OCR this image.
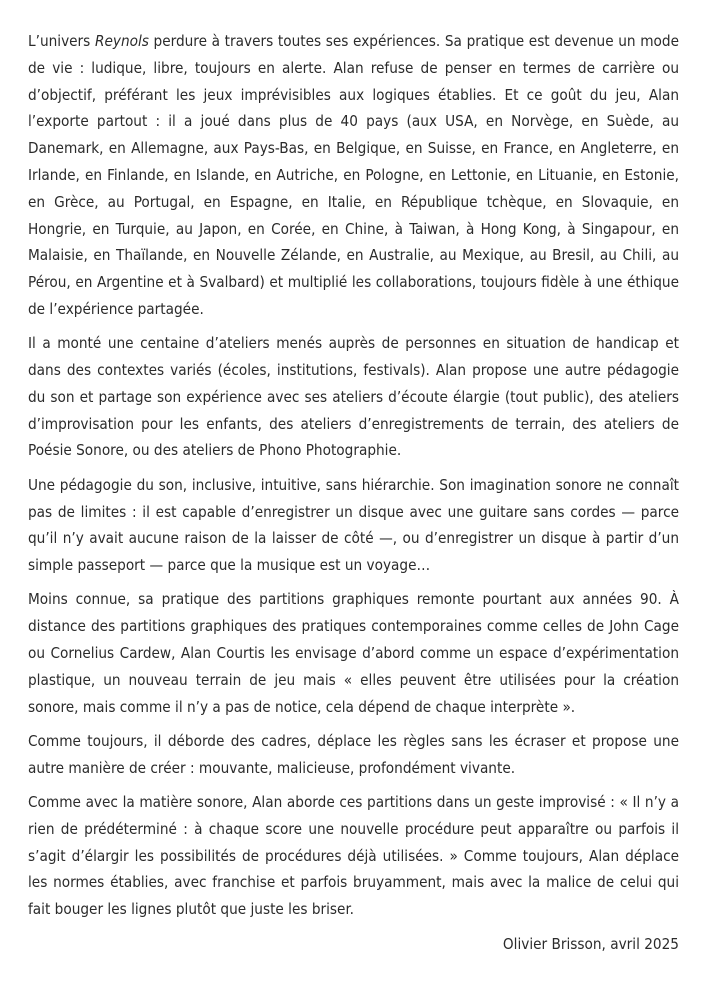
L’univers Reynols perdure à travers toutes ses expériences. Sa pratique est devenue un mode de vie : ludique, libre, toujours en alerte. Alan refuse de penser en termes de carrière ou d’objectif, préférant les jeux imprévisibles aux logiques établies. Et ce goût du jeu, Alan l’exporte partout : il a joué dans plus de 40 pays (aux USA, en Norvège, en Suède, au Danemark, en Allemagne, aux Pays-Bas, en Belgique, en Suisse, en France, en Angleterre, en Irlande, en Finlande, en Islande, en Autriche, en Pologne, en Lettonie, en Lituanie, en Estonie, en Grèce, au Portugal, en Espagne, en Italie, en République tchèque, en Slovaquie, en Hongrie, en Turquie, au Japon, en Corée, en Chine, à Taiwan, à Hong Kong, à Singapour, en Malaisie, en Thaïlande, en Nouvelle Zélande, en Australie, au Mexique, au Bresil, au Chili, au Pérou, en Argentine et à Svalbard) et multiplié les collaborations, toujours fidèle à une éthique de l’expérience partagée.

Il a monté une centaine d’ateliers menés auprès de personnes en situation de handicap et dans des contextes variés (écoles, institutions, festivals). Alan propose une autre pédagogie du son et partage son expérience avec ses ateliers d’écoute élargie (tout public), des ateliers d’improvisation pour les enfants, des ateliers d’enregistrements de terrain, des ateliers de Poésie Sonore, ou des ateliers de Phono Photographie.

Une pédagogie du son, inclusive, intuitive, sans hiérarchie. Son imagination sonore ne connaît pas de limites : il est capable d’enregistrer un disque avec une guitare sans cordes — parce qu’il n’y avait aucune raison de la laisser de côté —, ou d’enregistrer un disque à partir d’un simple passeport — parce que la musique est un voyage…

Moins connue, sa pratique des partitions graphiques remonte pourtant aux années 90. À distance des partitions graphiques des pratiques contemporaines comme celles de John Cage ou Cornelius Cardew, Alan Courtis les envisage d’abord comme un espace d’expérimentation plastique, un nouveau terrain de jeu mais « elles peuvent être utilisées pour la création sonore, mais comme il n’y a pas de notice, cela dépend de chaque interprète ».

Comme toujours, il déborde des cadres, déplace les règles sans les écraser et propose une autre manière de créer : mouvante, malicieuse, profondément vivante.

Comme avec la matière sonore, Alan aborde ces partitions dans un geste improvisé : « Il n’y a rien de prédéterminé : à chaque score une nouvelle procédure peut apparaître ou parfois il s’agit d’élargir les possibilités de procédures déjà utilisées. » Comme toujours, Alan déplace les normes établies, avec franchise et parfois bruyamment, mais avec la malice de celui qui fait bouger les lignes plutôt que juste les briser.

Olivier Brisson, avril 2025
